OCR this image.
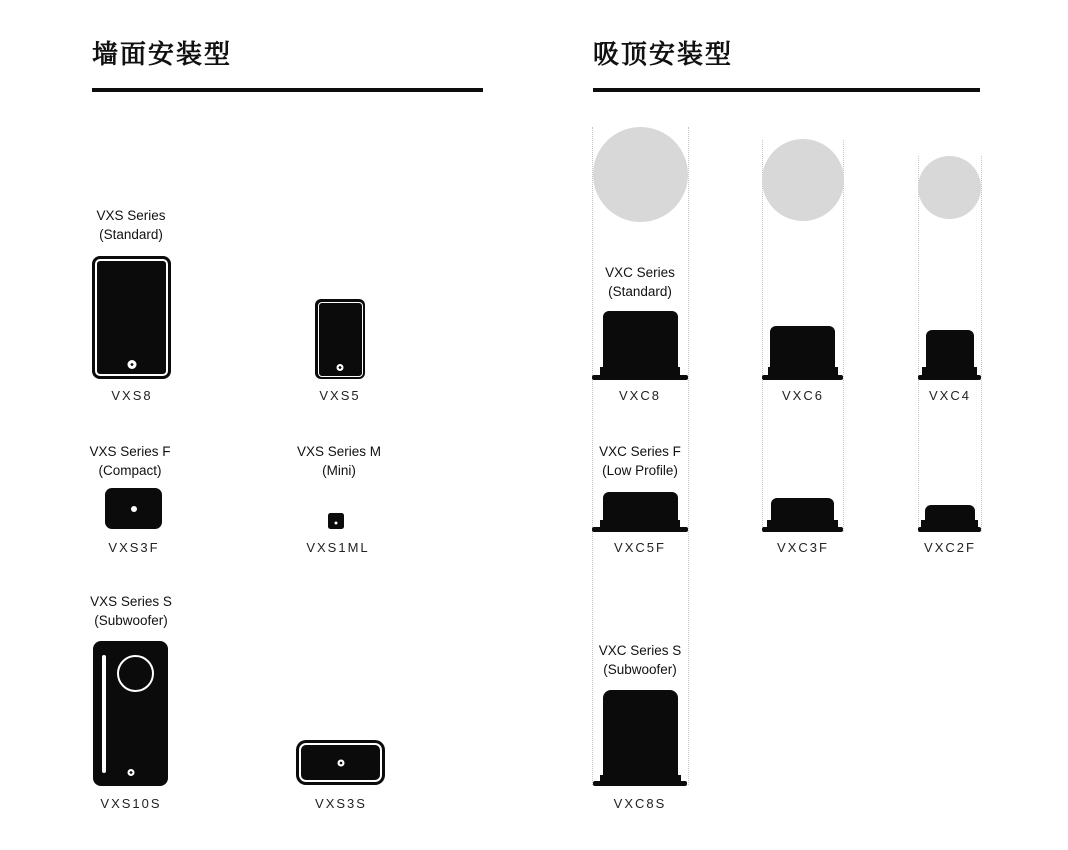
墙面安装型	吸顶安装型
VXS Series
(Standard)
VXS Series F
(Compact)
VXS Series M
(Mini)
VXS Series S
(Subwoofer)
VXC Series
(Standard)
VXC Series F
(Low Profile)
VXC Series S
(Subwoofer)
VXS8	VXS5
VXS3F	VXS1ML
VXS10S	VXS3S
VXC8	VXC6	VXC4
VXC5F	VXC3F	VXC2F
VXC8S
